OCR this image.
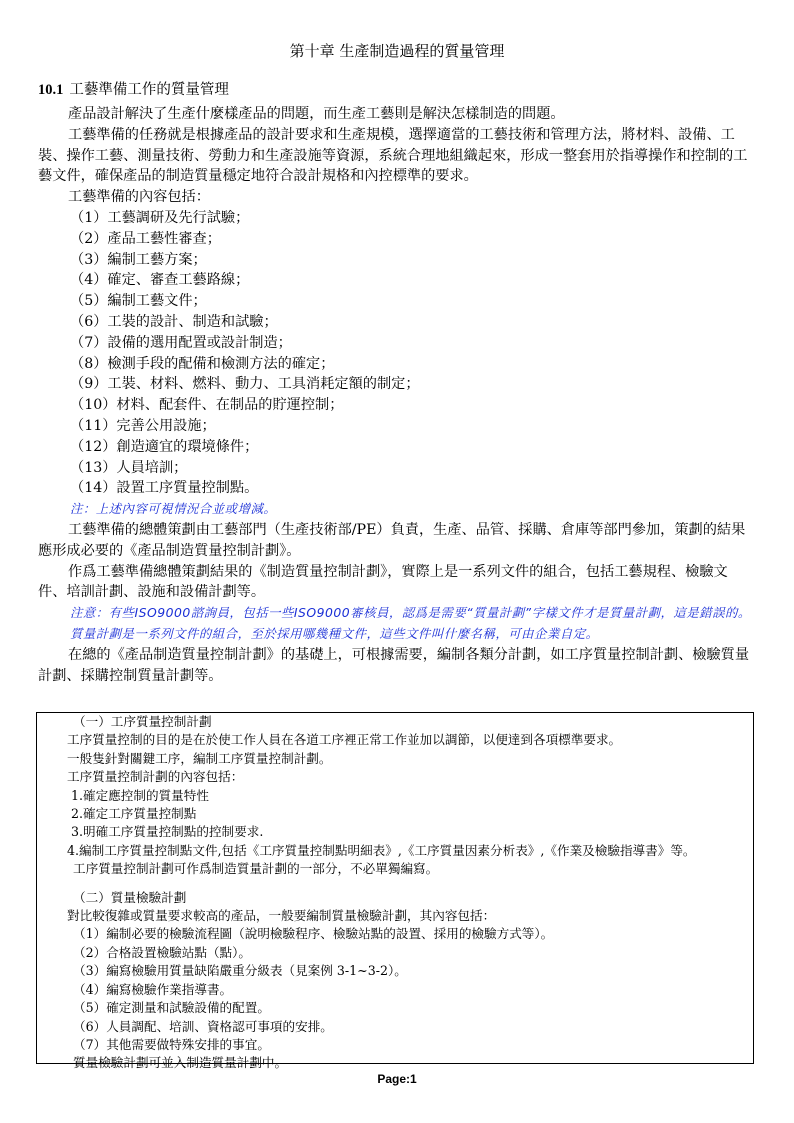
第十章 生產制造過程的質量管理
10.1 工藝準備工作的質量管理

產品設計解決了生產什麼樣產品的問題，而生產工藝則是解決怎樣制造的問題。

工藝準備的任務就是根據產品的設計要求和生產規模，選擇適當的工藝技術和管理方法，將材料、設備、工裝、操作工藝、測量技術、勞動力和生產設施等資源，系統合理地組織起來，形成一整套用於指導操作和控制的工藝文件，確保產品的制造質量穩定地符合設計規格和內控標準的要求。

工藝準備的內容包括：

（1）工藝調研及先行試驗；

（2）產品工藝性審查；

（3）編制工藝方案；

（4）確定、審查工藝路線；

（5）編制工藝文件；

（6）工裝的設計、制造和試驗；

（7）設備的選用配置或設計制造；

（8）檢測手段的配備和檢測方法的確定；

（9）工裝、材料、燃料、動力、工具消耗定額的制定；

（10）材料、配套件、在制品的貯運控制；

（11）完善公用設施；

（12）創造適宜的環境條件；

（13）人員培訓；

（14）設置工序質量控制點。

注：上述內容可視情況合並或增減。

工藝準備的總體策劃由工藝部門（生產技術部/PE）負責，生產、品管、採購、倉庫等部門參加，策劃的結果應形成必要的《產品制造質量控制計劃》。

作爲工藝準備總體策劃結果的《制造質量控制計劃》，實際上是一系列文件的組合，包括工藝規程、檢驗文件、培訓計劃、設施和設備計劃等。

注意：有些ISO9000諮詢員，包括一些ISO9000審核員，認爲是需要“質量計劃”字樣文件才是質量計劃，這是錯誤的。質量計劃是一系列文件的組合，至於採用哪幾種文件，這些文件叫什麼名稱，可由企業自定。

在總的《產品制造質量控制計劃》的基礎上，可根據需要，編制各類分計劃，如工序質量控制計劃、檢驗質量計劃、採購控制質量計劃等。

（一）工序質量控制計劃

工序質量控制的目的是在於使工作人員在各道工序裡正常工作並加以調節，以便達到各項標準要求。

一般隻針對關鍵工序，編制工序質量控制計劃。

工序質量控制計劃的內容包括：

1.確定應控制的質量特性

2.確定工序質量控制點

3.明確工序質量控制點的控制要求.

4.編制工序質量控制點文件,包括《工序質量控制點明細表》,《工序質量因素分析表》,《作業及檢驗指導書》等。

工序質量控制計劃可作爲制造質量計劃的一部分，不必單獨編寫。

（二）質量檢驗計劃

對比較復雜或質量要求較高的產品，一般要編制質量檢驗計劃，其內容包括：

（1）編制必要的檢驗流程圖（說明檢驗程序、檢驗站點的設置、採用的檢驗方式等）。

（2）合格設置檢驗站點（點）。

（3）編寫檢驗用質量缺陷嚴重分級表（見案例 3-1~3-2）。

（4）編寫檢驗作業指導書。

（5）確定測量和試驗設備的配置。

（6）人員調配、培訓、資格認可事項的安排。

（7）其他需要做特殊安排的事宜。

質量檢驗計劃可並入制造質量計劃中。

Page:1
